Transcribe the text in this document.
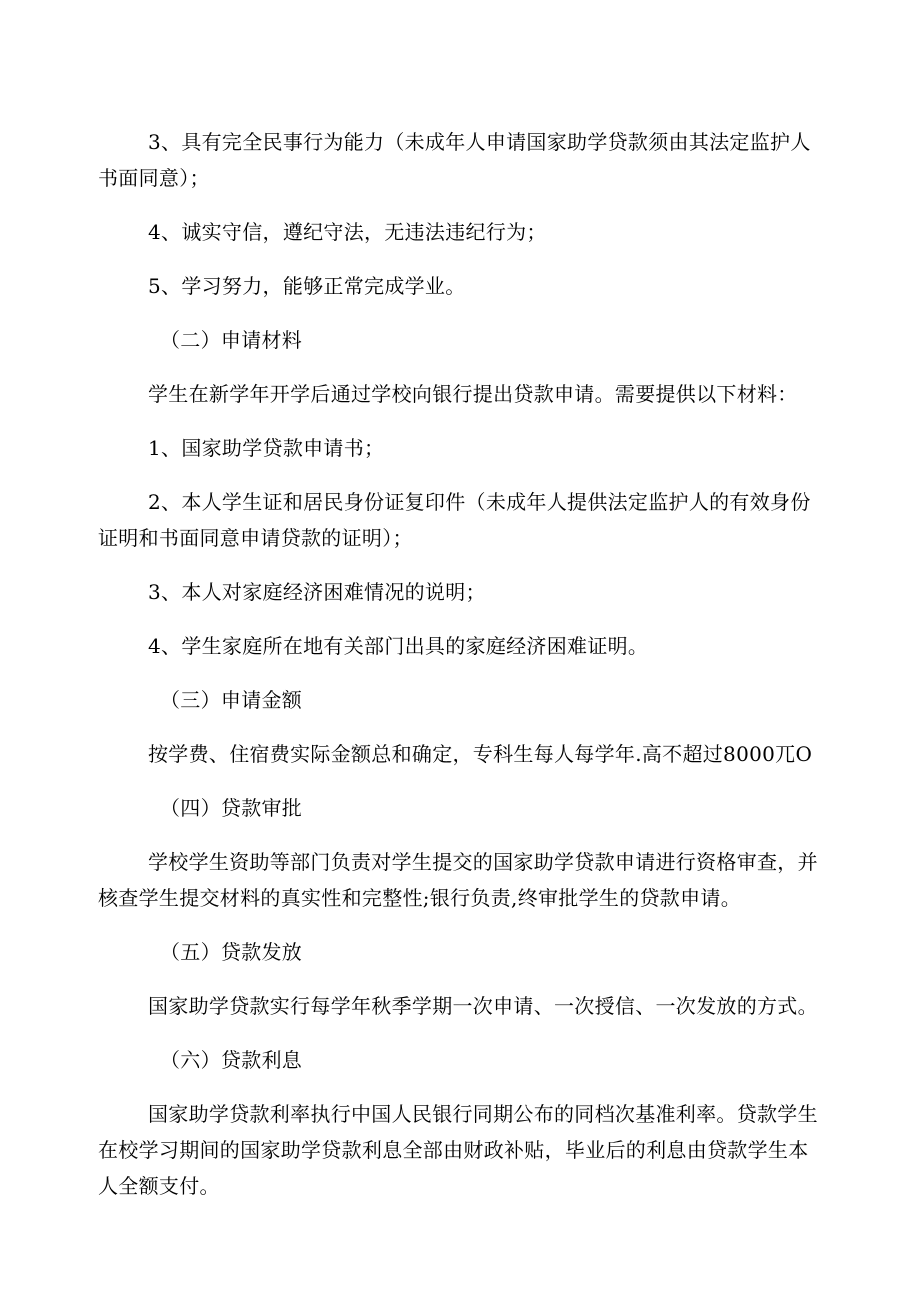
3、具有完全民事行为能力（未成年人申请国家助学贷款须由其法定监护人

书面同意）；

4、诚实守信，遵纪守法，无违法违纪行为；

5、学习努力，能够正常完成学业。

（二）申请材料

学生在新学年开学后通过学校向银行提出贷款申请。需要提供以下材料：

1、国家助学贷款申请书；

2、本人学生证和居民身份证复印件（未成年人提供法定监护人的有效身份

证明和书面同意申请贷款的证明）；

3、本人对家庭经济困难情况的说明；

4、学生家庭所在地有关部门出具的家庭经济困难证明。

（三）申请金额

按学费、住宿费实际金额总和确定，专科生每人每学年.高不超过8000兀O

（四）贷款审批

学校学生资助等部门负责对学生提交的国家助学贷款申请进行资格审查，并

核查学生提交材料的真实性和完整性;银行负责,终审批学生的贷款申请。

（五）贷款发放

国家助学贷款实行每学年秋季学期一次申请、一次授信、一次发放的方式。

（六）贷款利息

国家助学贷款利率执行中国人民银行同期公布的同档次基准利率。贷款学生

在校学习期间的国家助学贷款利息全部由财政补贴，毕业后的利息由贷款学生本

人全额支付。
